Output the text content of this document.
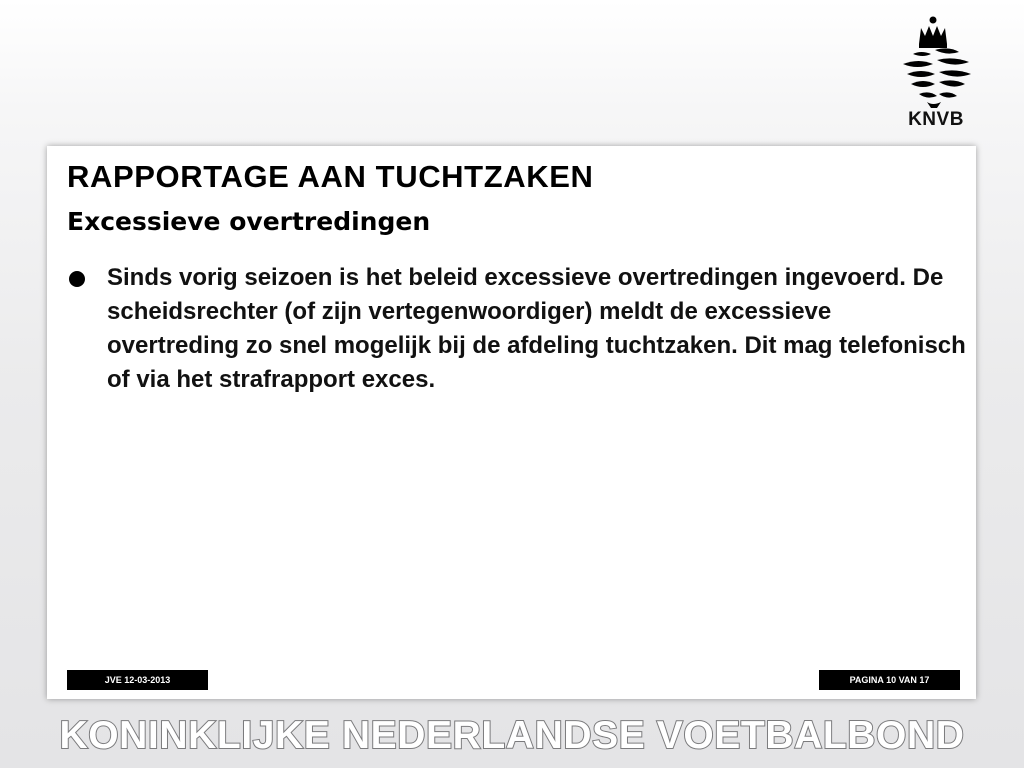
KNVB
RAPPORTAGE AAN TUCHTZAKEN
Excessieve overtredingen
Sinds vorig seizoen is het beleid excessieve overtredingen ingevoerd. De scheidsrechter (of zijn vertegenwoordiger) meldt de excessieve overtreding zo snel mogelijk bij de afdeling tuchtzaken. Dit mag telefonisch of via het strafrapport exces.
JVE 12-03-2013	PAGINA 10 VAN 17
KONINKLIJKE NEDERLANDSE VOETBALBOND
